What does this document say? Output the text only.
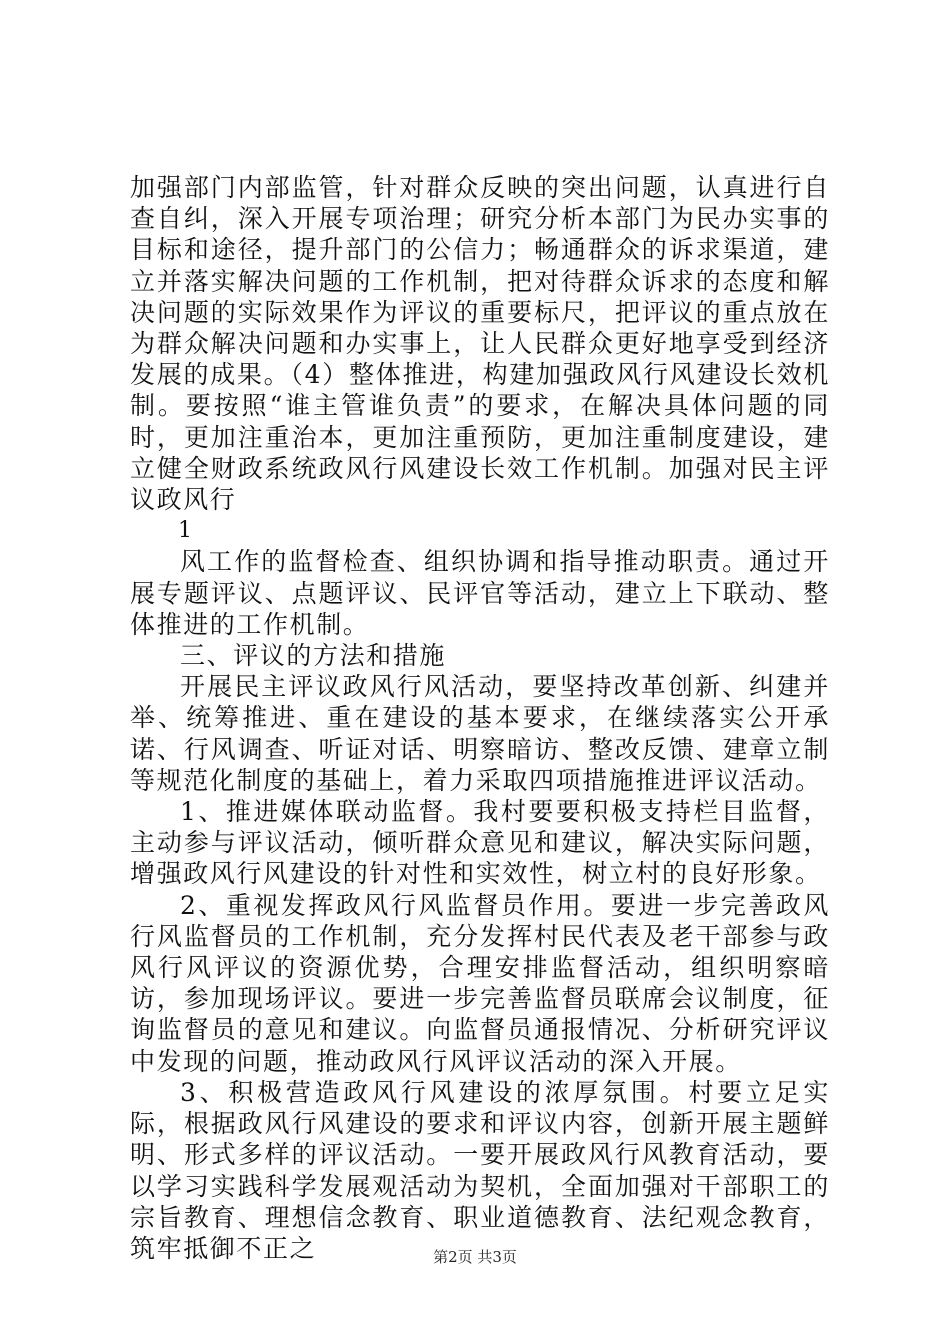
加强部门内部监管，针对群众反映的突出问题，认真进行自查自纠，深入开展专项治理；研究分析本部门为民办实事的目标和途径，提升部门的公信力；畅通群众的诉求渠道，建立并落实解决问题的工作机制，把对待群众诉求的态度和解决问题的实际效果作为评议的重要标尺，把评议的重点放在为群众解决问题和办实事上，让人民群众更好地享受到经济发展的成果。（4）整体推进，构建加强政风行风建设长效机制。要按照“谁主管谁负责”的要求，在解决具体问题的同时，更加注重治本，更加注重预防，更加注重制度建设，建立健全财政系统政风行风建设长效工作机制。加强对民主评议政风行

1

风工作的监督检查、组织协调和指导推动职责。通过开展专题评议、点题评议、民评官等活动，建立上下联动、整体推进的工作机制。

三、评议的方法和措施

开展民主评议政风行风活动，要坚持改革创新、纠建并举、统筹推进、重在建设的基本要求，在继续落实公开承诺、行风调查、听证对话、明察暗访、整改反馈、建章立制等规范化制度的基础上，着力采取四项措施推进评议活动。

1、推进媒体联动监督。我村要要积极支持栏目监督，主动参与评议活动，倾听群众意见和建议，解决实际问题，增强政风行风建设的针对性和实效性，树立村的良好形象。

2、重视发挥政风行风监督员作用。要进一步完善政风行风监督员的工作机制，充分发挥村民代表及老干部参与政风行风评议的资源优势，合理安排监督活动，组织明察暗访，参加现场评议。要进一步完善监督员联席会议制度，征询监督员的意见和建议。向监督员通报情况、分析研究评议中发现的问题，推动政风行风评议活动的深入开展。

3、积极营造政风行风建设的浓厚氛围。村要立足实际，根据政风行风建设的要求和评议内容，创新开展主题鲜明、形式多样的评议活动。一要开展政风行风教育活动，要以学习实践科学发展观活动为契机，全面加强对干部职工的宗旨教育、理想信念教育、职业道德教育、法纪观念教育，筑牢抵御不正之	第2页 共3页
